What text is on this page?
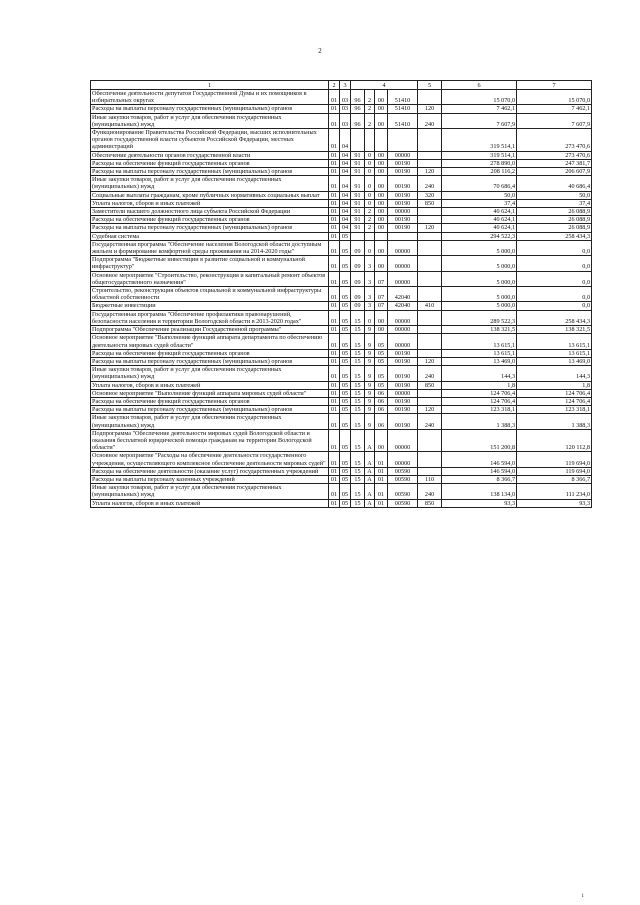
2
1	2	3	4				5	6	7
Обеспечение деятельности депутатов Государственной Думы и их помощников в избирательных округах	01	03	96	2	00	51410		15 070,0	15 070,0
Расходы на выплаты персоналу государственных (муниципальных) органов	01	03	96	2	00	51410	120	7 462,1	7 462,1
Иные закупки товаров, работ и услуг для обеспечения государственных (муниципальных) нужд	01	03	96	2	00	51410	240	7 607,9	7 607,9
Функционирование Правительства Российской Федерации, высших исполнительных органов государственной власти субъектов Российской Федерации, местных администраций	01	04						319 514,1	273 470,6
Обеспечение деятельности органов государственной власти	01	04	91	0	00	00000		319 514,1	273 470,6
Расходы на обеспечение функций государственных органов	01	04	91	0	00	00190		278 890,0	247 381,7
Расходы на выплаты персоналу государственных (муниципальных) органов	01	04	91	0	00	00190	120	208 116,2	206 607,9
Иные закупки товаров, работ и услуг для обеспечения государственных (муниципальных) нужд	01	04	91	0	00	00190	240	70 686,4	40 686,4
Социальные выплаты гражданам, кроме публичных нормативных социальных выплат	01	04	91	0	00	00190	320	50,0	50,0
Уплата налогов, сборов и иных платежей	01	04	91	0	00	00190	850	37,4	37,4
Заместители высшего должностного лица субъекта Российской Федерации	01	04	91	2	00	00000		40 624,1	26 088,9
Расходы на обеспечение функций государственных органов	01	04	91	2	00	00190		40 624,1	26 088,9
Расходы на выплаты персоналу государственных (муниципальных) органов	01	04	91	2	00	00190	120	40 624,1	26 088,9
Судебная система	01	05						294 522,3	258 434,3
Государственная программа "Обеспечение населения Вологодской области доступным жильем и формирование комфортной среды проживания на 2014-2020 годы"	01	05	09	0	00	00000		5 000,0	0,0
Подпрограмма "Бюджетные инвестиции в развитие социальной и коммунальной инфраструктур"	01	05	09	3	00	00000		5 000,0	0,0
Основное мероприятие "Строительство, реконструкция и капитальный ремонт объектов общегосударственного назначения"	01	05	09	3	07	00000		5 000,0	0,0
Строительство, реконструкция объектов социальной и коммунальной инфраструктуры областной собственности	01	05	09	3	07	42040		5 000,0	0,0
Бюджетные инвестиции	01	05	09	3	07	42040	410	5 000,0	0,0
Государственная программа "Обеспечение профилактики правонарушений, безопасности населения и территории Вологодской области в 2013-2020 годах"	01	05	15	0	00	00000		289 522,3	258 434,3
Подпрограмма "Обеспечение реализации Государственной программы"	01	05	15	9	00	00000		138 321,5	138 321,5
Основное мероприятие "Выполнение функций аппарата департамента по обеспечению деятельности мировых судей области"	01	05	15	9	05	00000		13 615,1	13 615,1
Расходы на обеспечение функций государственных органов	01	05	15	9	05	00190		13 615,1	13 615,1
Расходы на выплаты персоналу государственных (муниципальных) органов	01	05	15	9	05	00190	120	13 469,0	13 469,0
Иные закупки товаров, работ и услуг для обеспечения государственных (муниципальных) нужд	01	05	15	9	05	00190	240	144,3	144,3
Уплата налогов, сборов и иных платежей	01	05	15	9	05	00190	850	1,8	1,8
Основное мероприятие "Выполнение функций аппарата мировых судей области"	01	05	15	9	06	00000		124 706,4	124 706,4
Расходы на обеспечение функций государственных органов	01	05	15	9	06	00190		124 706,4	124 706,4
Расходы на выплаты персоналу государственных (муниципальных) органов	01	05	15	9	06	00190	120	123 318,1	123 318,1
Иные закупки товаров, работ и услуг для обеспечения государственных (муниципальных) нужд	01	05	15	9	06	00190	240	1 388,3	1 388,3
Подпрограмма "Обеспечение деятельности мировых судей Вологодской области и оказания бесплатной юридической помощи гражданам на территории Вологодской области"	01	05	15	А	00	00000		151 200,8	120 112,8
Основное мероприятие "Расходы на обеспечение деятельности государственного учреждения, осуществляющего комплексное обеспечение деятельности мировых судей"	01	05	15	А	01	00000		146 594,0	119 694,0
Расходы на обеспечение деятельности (оказание услуг) государственных учреждений	01	05	15	А	01	00590		146 594,0	119 694,0
Расходы на выплаты персоналу казенных учреждений	01	05	15	А	01	00590	110	8 366,7	8 366,7
Иные закупки товаров, работ и услуг для обеспечения государственных (муниципальных) нужд	01	05	15	А	01	00590	240	138 134,0	111 234,0
Уплата налогов, сборов и иных платежей	01	05	15	А	01	00590	850	93,3	93,3
1
